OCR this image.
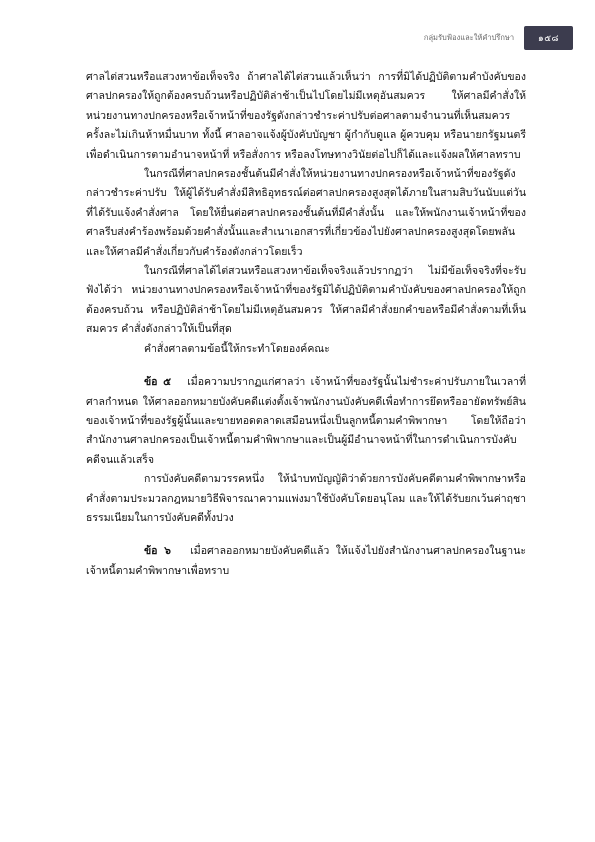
กลุ่มรับฟ้องและให้คำปรึกษา	๑๕๘

ศาลไต่สวนหรือแสวงหาข้อเท็จจริง ถ้าศาลได้ไต่สวนแล้วเห็นว่า การที่มิได้ปฏิบัติตามคำบังคับของศาลปกครองให้ถูกต้องครบถ้วนหรือปฏิบัติล่าช้าเป็นไปโดยไม่มีเหตุอันสมควร ให้ศาลมีคำสั่งให้หน่วยงานทางปกครองหรือเจ้าหน้าที่ของรัฐดังกล่าวชำระค่าปรับต่อศาลตามจำนวนที่เห็นสมควร ครั้งละไม่เกินห้าหมื่นบาท ทั้งนี้ ศาลอาจแจ้งผู้บังคับบัญชา ผู้กำกับดูแล ผู้ควบคุม หรือนายกรัฐมนตรี เพื่อดำเนินการตามอำนาจหน้าที่ หรือสั่งการ หรือลงโทษทางวินัยต่อไปก็ได้และแจ้งผลให้ศาลทราบ

ในกรณีที่ศาลปกครองชั้นต้นมีคำสั่งให้หน่วยงานทางปกครองหรือเจ้าหน้าที่ของรัฐดังกล่าวชำระค่าปรับ ให้ผู้ได้รับคำสั่งมีสิทธิอุทธรณ์ต่อศาลปกครองสูงสุดได้ภายในสามสิบวันนับแต่วันที่ได้รับแจ้งคำสั่งศาล โดยให้ยื่นต่อศาลปกครองชั้นต้นที่มีคำสั่งนั้น และให้พนักงานเจ้าหน้าที่ของศาลรีบส่งคำร้องพร้อมด้วยคำสั่งนั้นและสำเนาเอกสารที่เกี่ยวข้องไปยังศาลปกครองสูงสุดโดยพลัน และให้ศาลมีคำสั่งเกี่ยวกับคำร้องดังกล่าวโดยเร็ว

ในกรณีที่ศาลได้ไต่สวนหรือแสวงหาข้อเท็จจริงแล้วปรากฏว่า ไม่มีข้อเท็จจริงที่จะรับฟังได้ว่า หน่วยงานทางปกครองหรือเจ้าหน้าที่ของรัฐมิได้ปฏิบัติตามคำบังคับของศาลปกครองให้ถูกต้องครบถ้วน หรือปฏิบัติล่าช้าโดยไม่มีเหตุอันสมควร ให้ศาลมีคำสั่งยกคำขอหรือมีคำสั่งตามที่เห็นสมควร คำสั่งดังกล่าวให้เป็นที่สุด

คำสั่งศาลตามข้อนี้ให้กระทำโดยองค์คณะ

ข้อ ๕ เมื่อความปรากฏแก่ศาลว่า เจ้าหน้าที่ของรัฐนั้นไม่ชำระค่าปรับภายในเวลาที่ศาลกำหนด ให้ศาลออกหมายบังคับคดีแต่งตั้งเจ้าพนักงานบังคับคดีเพื่อทำการยึดหรืออายัดทรัพย์สินของเจ้าหน้าที่ของรัฐผู้นั้นและขายทอดตลาดเสมือนหนึ่งเป็นลูกหนี้ตามคำพิพากษา โดยให้ถือว่าสำนักงานศาลปกครองเป็นเจ้าหนี้ตามคำพิพากษาและเป็นผู้มีอำนาจหน้าที่ในการดำเนินการบังคับคดีจนแล้วเสร็จ

การบังคับคดีตามวรรคหนึ่ง ให้นำบทบัญญัติว่าด้วยการบังคับคดีตามคำพิพากษาหรือคำสั่งตามประมวลกฎหมายวิธีพิจารณาความแพ่งมาใช้บังคับโดยอนุโลม และให้ได้รับยกเว้นค่าฤชาธรรมเนียมในการบังคับคดีทั้งปวง

ข้อ ๖ เมื่อศาลออกหมายบังคับคดีแล้ว ให้แจ้งไปยังสำนักงานศาลปกครองในฐานะเจ้าหนี้ตามคำพิพากษาเพื่อทราบ
